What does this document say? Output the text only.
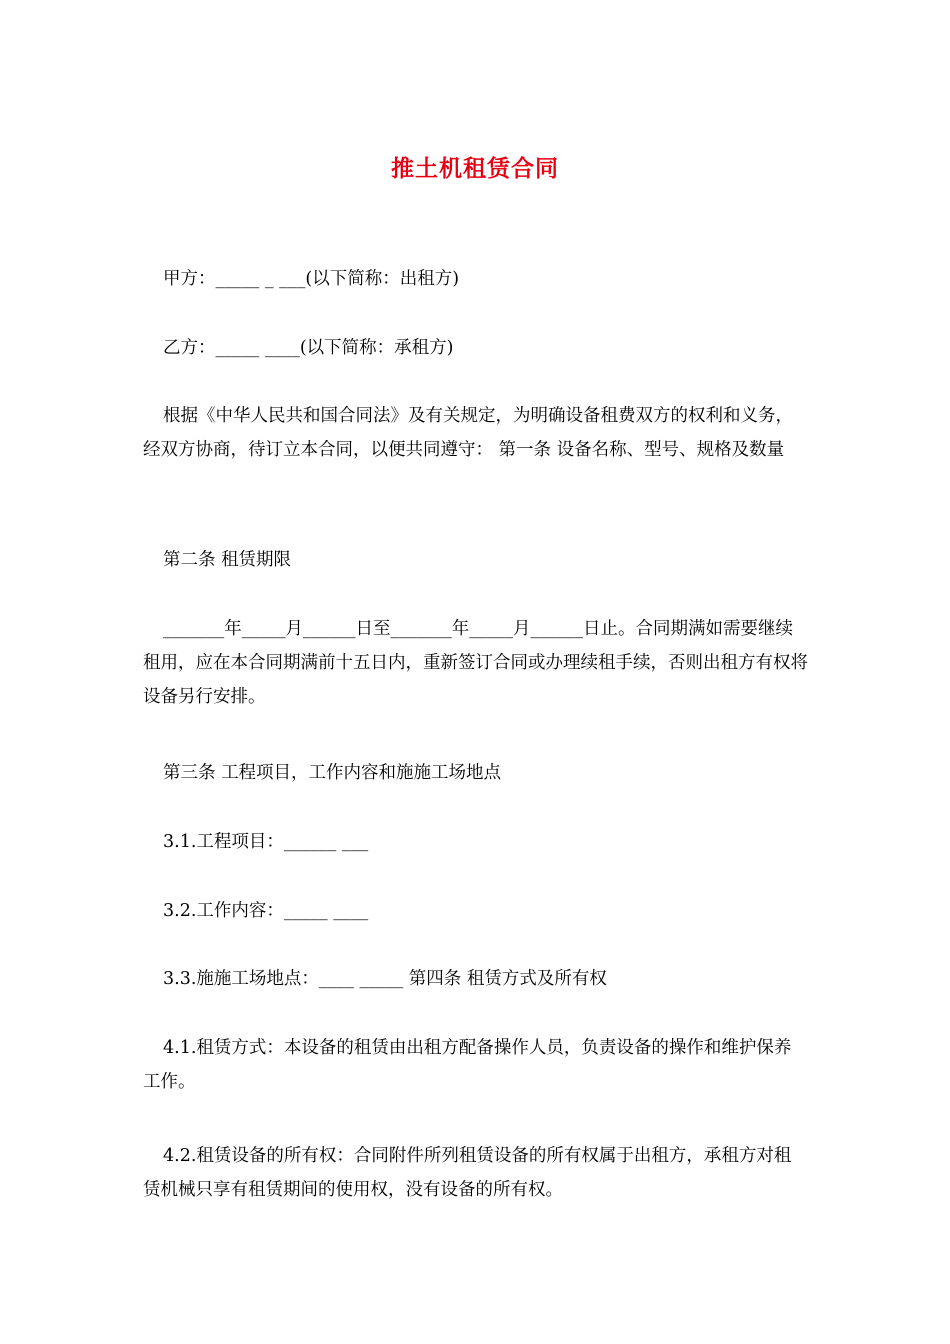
推土机租赁合同
甲方：_____ _ ___(以下简称：出租方)
乙方：_____ ____(以下简称：承租方)
根据《中华人民共和国合同法》及有关规定，为明确设备租费双方的权利和义务，经双方协商，待订立本合同，以便共同遵守： 第一条 设备名称、型号、规格及数量
第二条 租赁期限
_______年_____月______日至_______年_____月______日止。合同期满如需要继续租用，应在本合同期满前十五日内，重新签订合同或办理续租手续，否则出租方有权将设备另行安排。
第三条 工程项目，工作内容和施施工场地点
3.1.工程项目：______ ___
3.2.工作内容：_____ ____
3.3.施施工场地点：____ _____ 第四条 租赁方式及所有权
4.1.租赁方式：本设备的租赁由出租方配备操作人员，负责设备的操作和维护保养工作。
4.2.租赁设备的所有权：合同附件所列租赁设备的所有权属于出租方，承租方对租赁机械只享有租赁期间的使用权，没有设备的所有权。
